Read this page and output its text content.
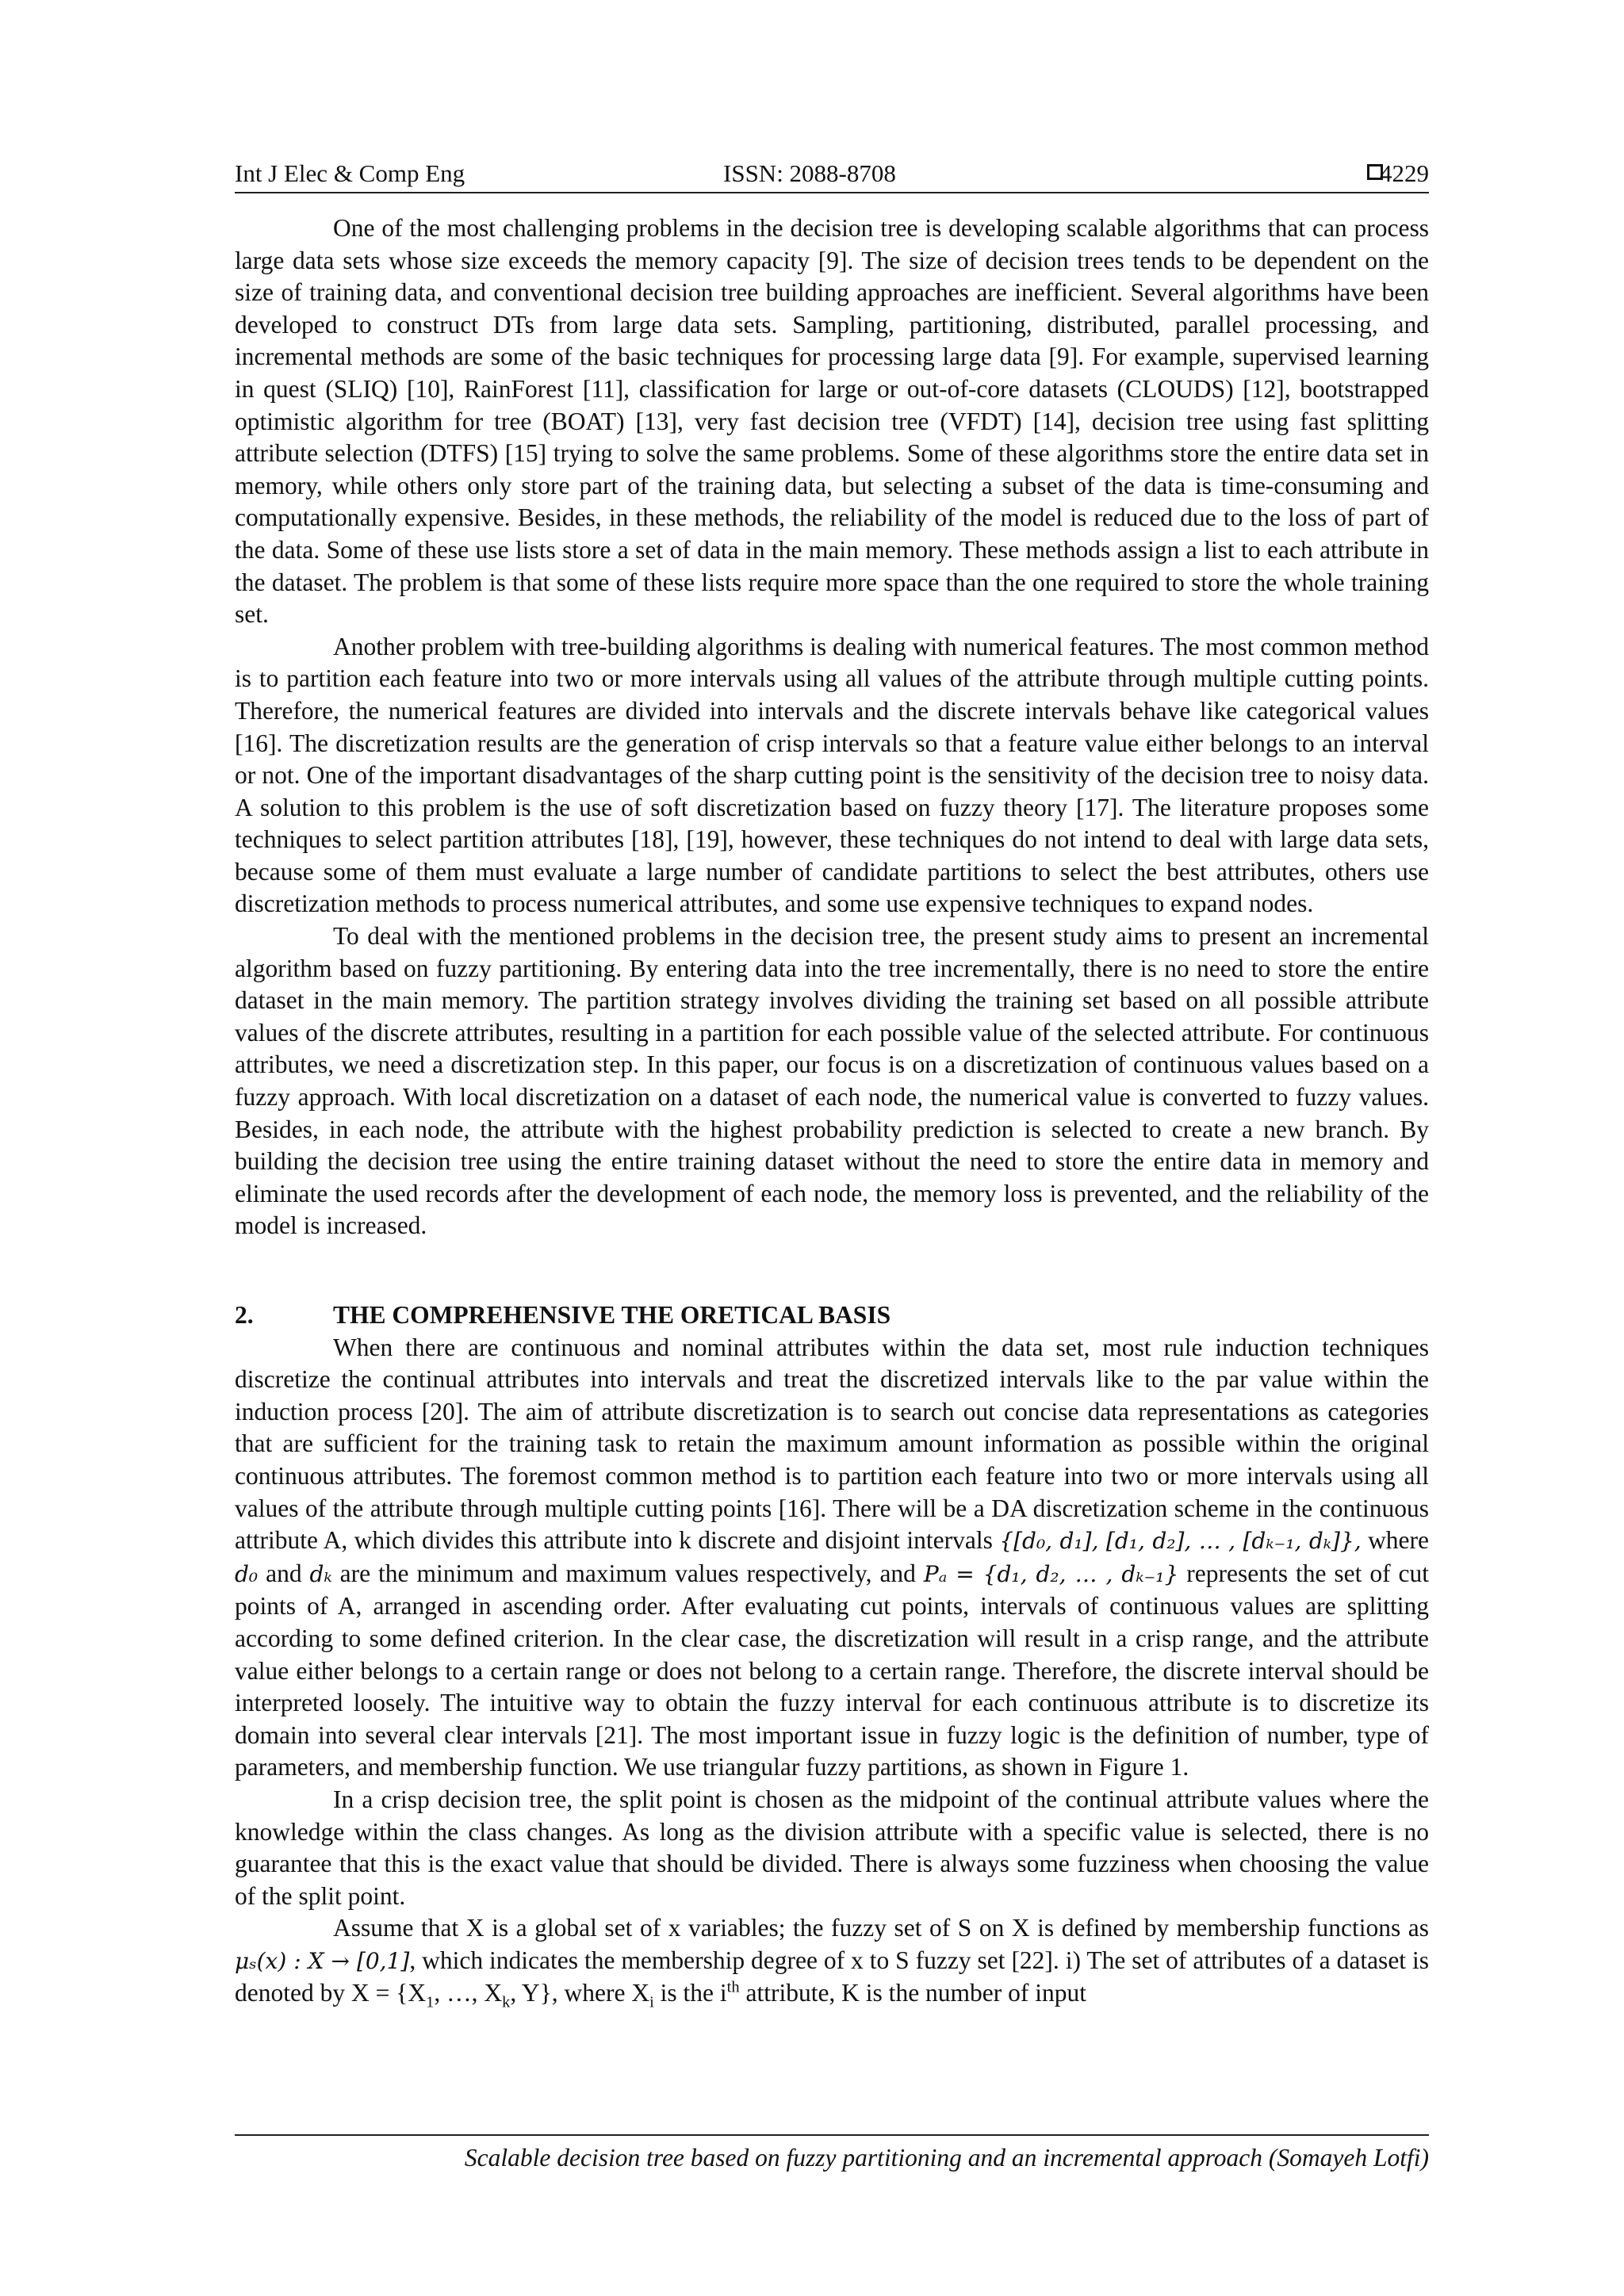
Int J Elec & Comp Eng	ISSN: 2088-8708	4229

One of the most challenging problems in the decision tree is developing scalable algorithms that can process large data sets whose size exceeds the memory capacity [9]. The size of decision trees tends to be dependent on the size of training data, and conventional decision tree building approaches are inefficient. Several algorithms have been developed to construct DTs from large data sets. Sampling, partitioning, distributed, parallel processing, and incremental methods are some of the basic techniques for processing large data [9]. For example, supervised learning in quest (SLIQ) [10], RainForest [11], classification for large or out-of-core datasets (CLOUDS) [12], bootstrapped optimistic algorithm for tree (BOAT) [13], very fast decision tree (VFDT) [14], decision tree using fast splitting attribute selection (DTFS) [15] trying to solve the same problems. Some of these algorithms store the entire data set in memory, while others only store part of the training data, but selecting a subset of the data is time-consuming and computationally expensive. Besides, in these methods, the reliability of the model is reduced due to the loss of part of the data. Some of these use lists store a set of data in the main memory. These methods assign a list to each attribute in the dataset. The problem is that some of these lists require more space than the one required to store the whole training set.

Another problem with tree-building algorithms is dealing with numerical features. The most common method is to partition each feature into two or more intervals using all values of the attribute through multiple cutting points. Therefore, the numerical features are divided into intervals and the discrete intervals behave like categorical values [16]. The discretization results are the generation of crisp intervals so that a feature value either belongs to an interval or not. One of the important disadvantages of the sharp cutting point is the sensitivity of the decision tree to noisy data. A solution to this problem is the use of soft discretization based on fuzzy theory [17]. The literature proposes some techniques to select partition attributes [18], [19], however, these techniques do not intend to deal with large data sets, because some of them must evaluate a large number of candidate partitions to select the best attributes, others use discretization methods to process numerical attributes, and some use expensive techniques to expand nodes.

To deal with the mentioned problems in the decision tree, the present study aims to present an incremental algorithm based on fuzzy partitioning. By entering data into the tree incrementally, there is no need to store the entire dataset in the main memory. The partition strategy involves dividing the training set based on all possible attribute values of the discrete attributes, resulting in a partition for each possible value of the selected attribute. For continuous attributes, we need a discretization step. In this paper, our focus is on a discretization of continuous values based on a fuzzy approach. With local discretization on a dataset of each node, the numerical value is converted to fuzzy values. Besides, in each node, the attribute with the highest probability prediction is selected to create a new branch. By building the decision tree using the entire training dataset without the need to store the entire data in memory and eliminate the used records after the development of each node, the memory loss is prevented, and the reliability of the model is increased.

2.	THE COMPREHENSIVE THE ORETICAL BASIS

When there are continuous and nominal attributes within the data set, most rule induction techniques discretize the continual attributes into intervals and treat the discretized intervals like to the par value within the induction process [20]. The aim of attribute discretization is to search out concise data representations as categories that are sufficient for the training task to retain the maximum amount information as possible within the original continuous attributes. The foremost common method is to partition each feature into two or more intervals using all values of the attribute through multiple cutting points [16]. There will be a DA discretization scheme in the continuous attribute A, which divides this attribute into k discrete and disjoint intervals {[d₀, d₁], [d₁, d₂], … , [dₖ₋₁, dₖ]}, where d₀ and dₖ are the minimum and maximum values respectively, and Pₐ = {d₁, d₂, … , dₖ₋₁} represents the set of cut points of A, arranged in ascending order. After evaluating cut points, intervals of continuous values are splitting according to some defined criterion. In the clear case, the discretization will result in a crisp range, and the attribute value either belongs to a certain range or does not belong to a certain range. Therefore, the discrete interval should be interpreted loosely. The intuitive way to obtain the fuzzy interval for each continuous attribute is to discretize its domain into several clear intervals [21]. The most important issue in fuzzy logic is the definition of number, type of parameters, and membership function. We use triangular fuzzy partitions, as shown in Figure 1.

In a crisp decision tree, the split point is chosen as the midpoint of the continual attribute values where the knowledge within the class changes. As long as the division attribute with a specific value is selected, there is no guarantee that this is the exact value that should be divided. There is always some fuzziness when choosing the value of the split point.

Assume that X is a global set of x variables; the fuzzy set of S on X is defined by membership functions as μₛ(x) : X → [0,1], which indicates the membership degree of x to S fuzzy set [22]. i) The set of attributes of a dataset is denoted by $X = \{X_1$, …, $X_k$, Y}, where $X_i$ is the $i^{th}$ attribute, K is the number of input

Scalable decision tree based on fuzzy partitioning and an incremental approach (Somayeh Lotfi)
